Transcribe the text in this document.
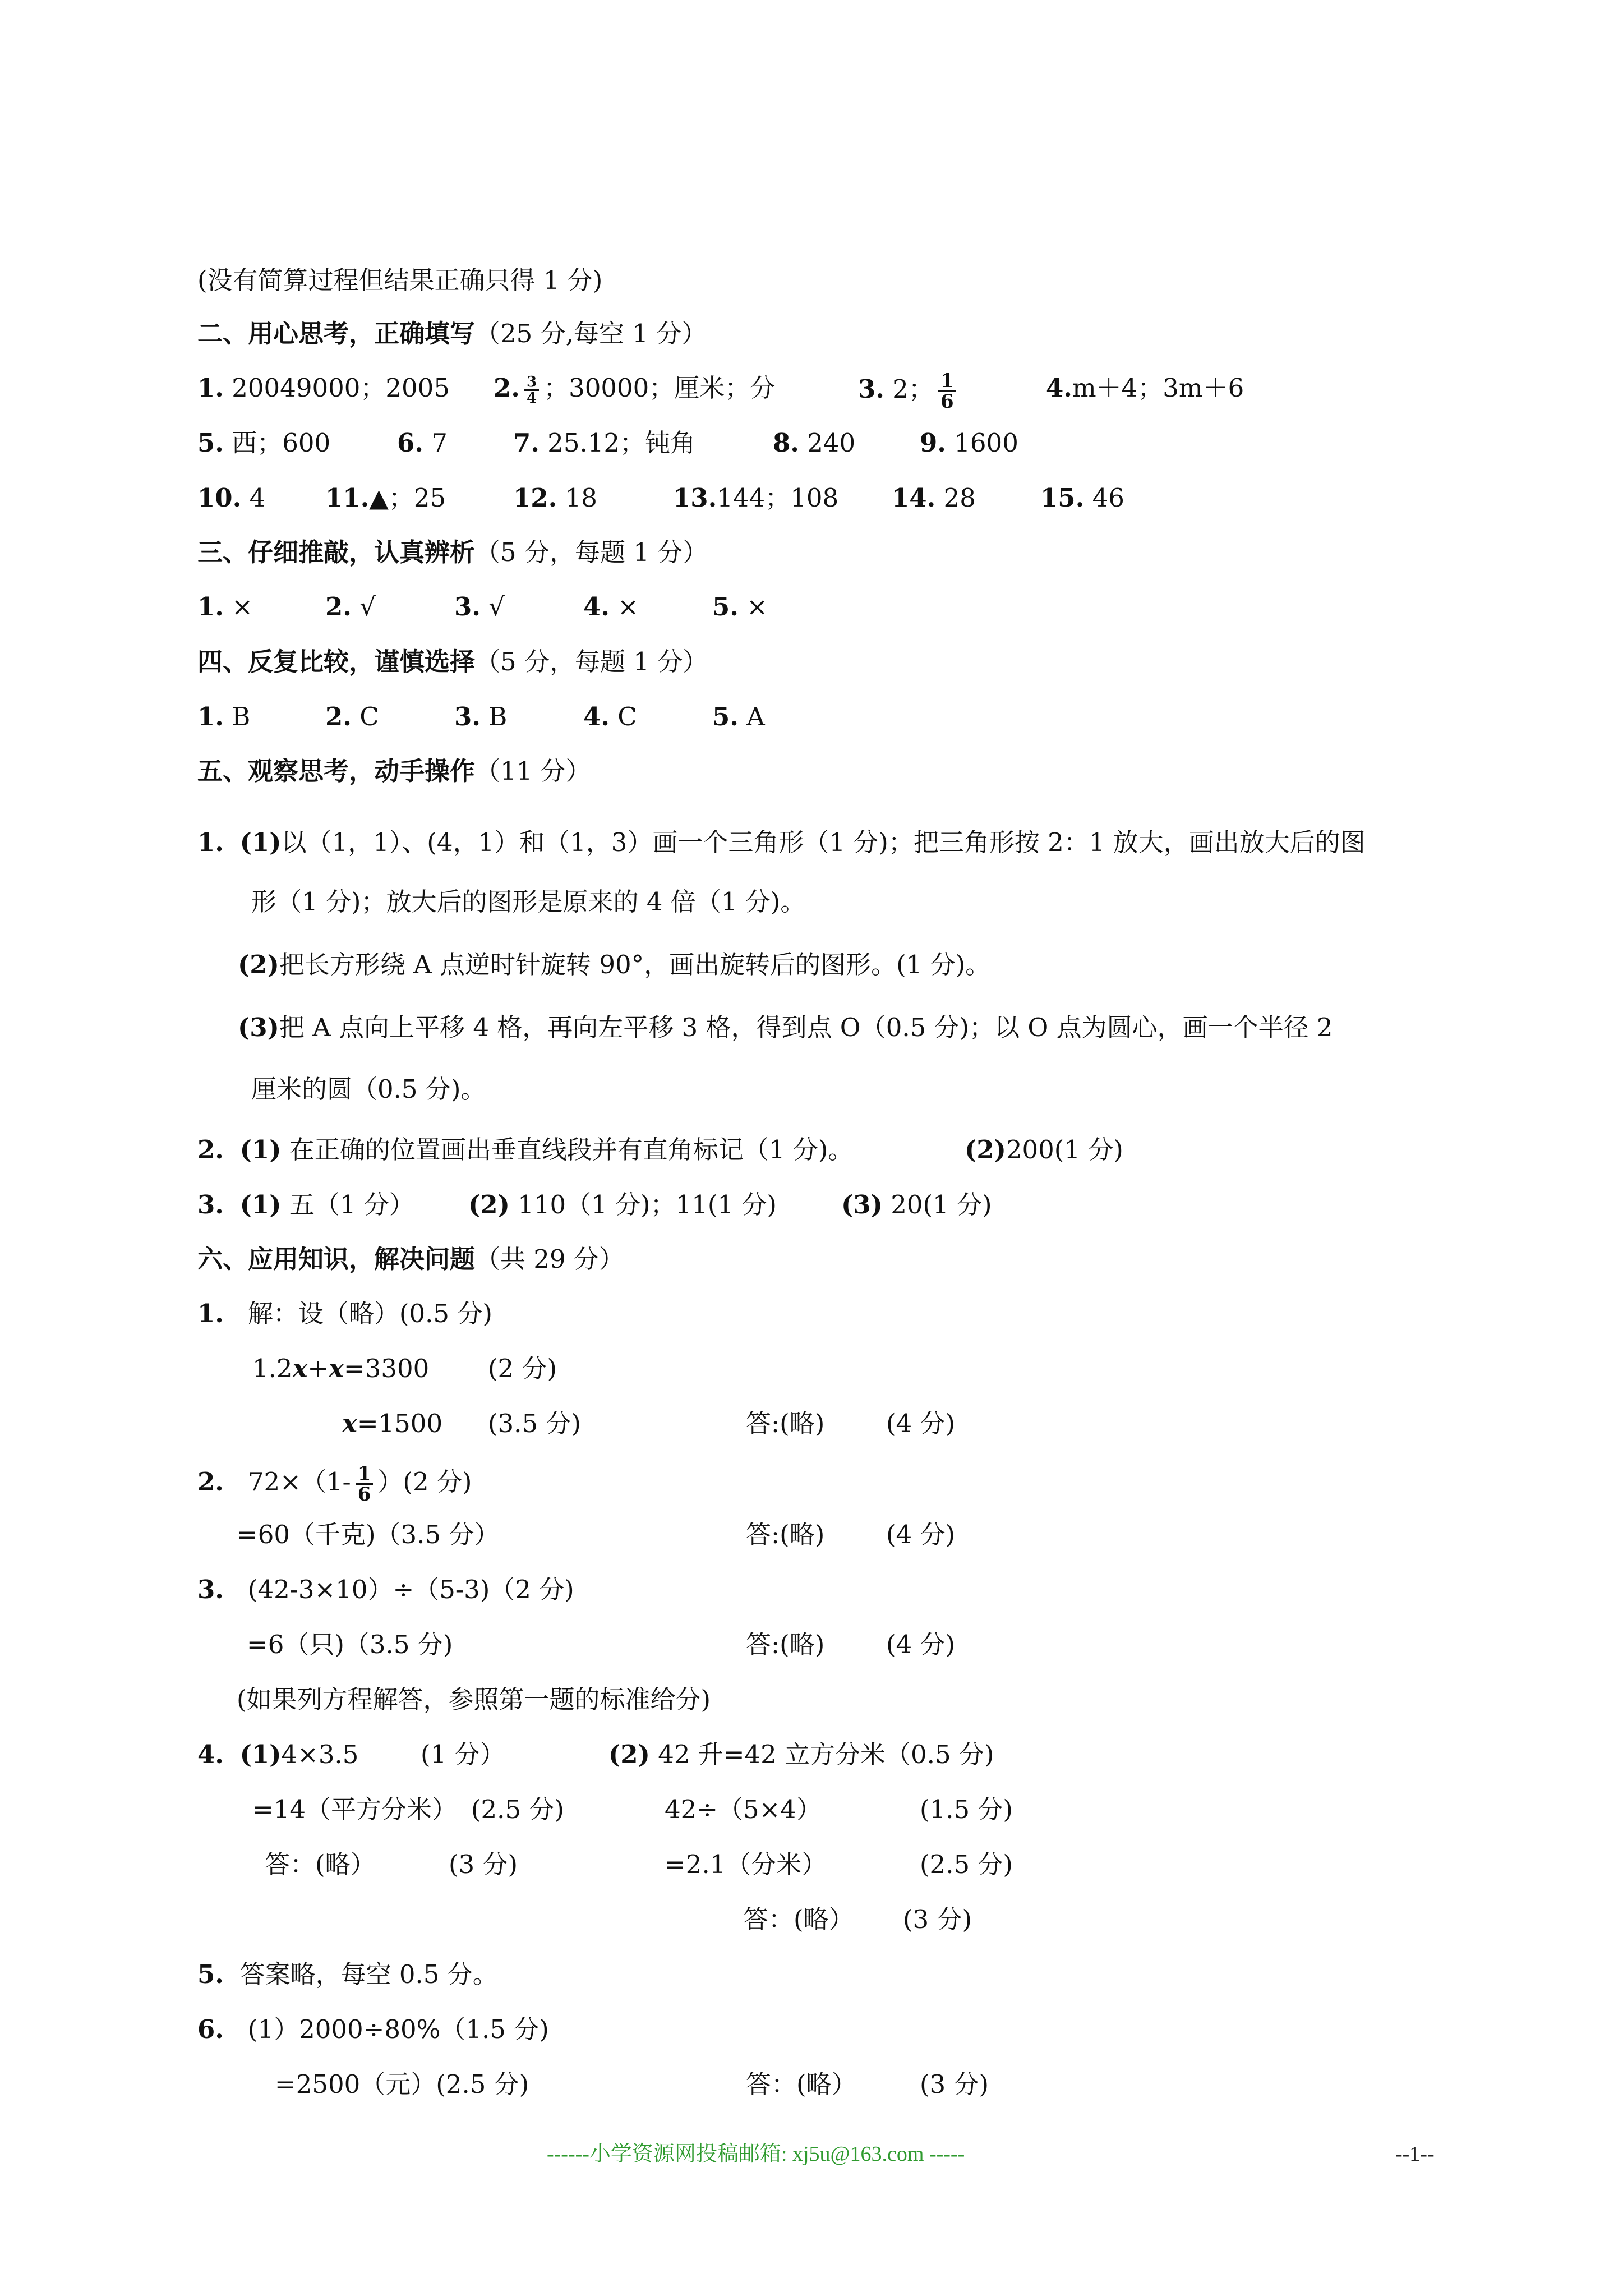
(没有简算过程但结果正确只得 1 分)
二、用心思考，正确填写（25 分,每空 1 分）
1. 20049000；2005 2. $\frac{3}{4}$ ；30000；厘米；分	3. 2； $\frac{1}{6}$	4.m＋4；3m＋6
5. 西；600	6. 7	7. 25.12；钝角	8. 240	9. 1600
10. 4 11.▲；25	12. 18	13.144；108 14. 28	15. 46
三、仔细推敲，认真辨析（5 分，每题 1 分）
1. ×	2. √	3. √	4. ×	5. ×
四、反复比较，谨慎选择（5 分，每题 1 分）
1. B	2. C	3. B	4. C	5. A
五、观察思考，动手操作（11 分）
1. (1)以（1，1）、(4，1）和（1，3）画一个三角形（1 分)；把三角形按 2：1 放大，画出放大后的图
形（1 分)；放大后的图形是原来的 4 倍（1 分)。
(2)把长方形绕 A 点逆时针旋转 90°，画出旋转后的图形。(1 分)。
(3)把 A 点向上平移 4 格，再向左平移 3 格，得到点 O（0.5 分)；以 O 点为圆心，画一个半径 2
厘米的圆（0.5 分)。
2. (1) 在正确的位置画出垂直线段并有直角标记（1 分)。	(2)200(1 分)
3. (1) 五（1 分） (2) 110（1 分)；11(1 分)	(3) 20(1 分)
六、应用知识，解决问题（共 29 分）
1. 解：设（略）(0.5 分)
1.2x+x=3300 (2 分)
x=1500 (3.5 分)	答:(略) (4 分)
2. $72\times(1- \frac{1}{6} )(2$ 分)
=60（千克)（3.5 分）	答:(略) (4 分)
3. (42-3×10）÷（5-3)（2 分)
=6（只)（3.5 分)	答:(略) (4 分)
(如果列方程解答，参照第一题的标准给分)
4. (1)4×3.5 (1 分）	(2) 42 升=42 立方分米（0.5 分)
=14（平方分米） (2.5 分)	42÷（5×4）	(1.5 分)
答：(略）	(3 分)	=2.1（分米）	(2.5 分)
答：(略） (3 分)
5. 答案略，每空 0.5 分。
6. (1）2000÷80%（1.5 分)
=2500（元）(2.5 分)	答：(略） (3 分)
------小学资源网投稿邮箱: xj5u@163.com -----	--1--
